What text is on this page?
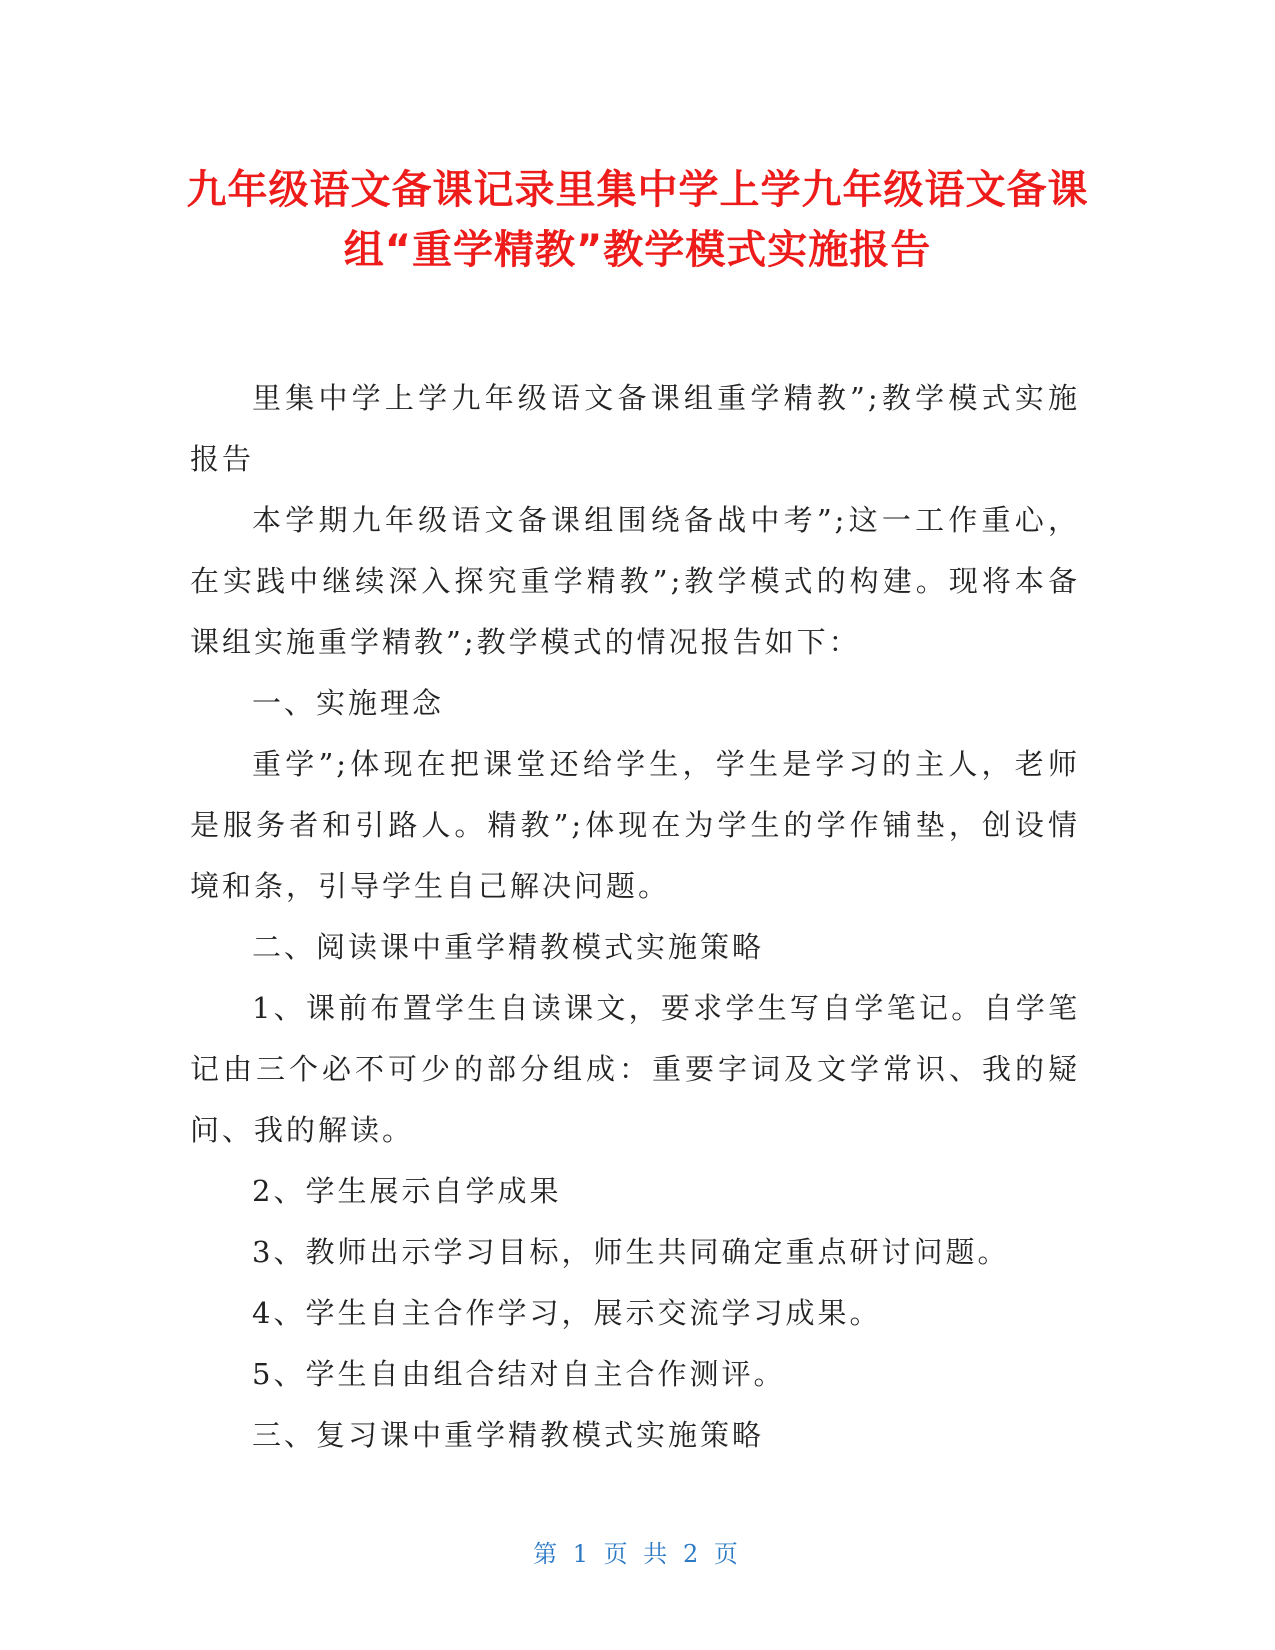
九年级语文备课记录里集中学上学九年级语文备课组“重学精教”教学模式实施报告

里集中学上学九年级语文备课组重学精教”;教学模式实施报告

本学期九年级语文备课组围绕备战中考”;这一工作重心，在实践中继续深入探究重学精教”;教学模式的构建。现将本备课组实施重学精教”;教学模式的情况报告如下：

一、实施理念

重学”;体现在把课堂还给学生，学生是学习的主人，老师是服务者和引路人。精教”;体现在为学生的学作铺垫，创设情境和条，引导学生自己解决问题。

二、阅读课中重学精教模式实施策略

1、课前布置学生自读课文，要求学生写自学笔记。自学笔记由三个必不可少的部分组成：重要字词及文学常识、我的疑问、我的解读。

2、学生展示自学成果

3、教师出示学习目标，师生共同确定重点研讨问题。

4、学生自主合作学习，展示交流学习成果。

5、学生自由组合结对自主合作测评。

三、复习课中重学精教模式实施策略

第 1 页 共 2 页
